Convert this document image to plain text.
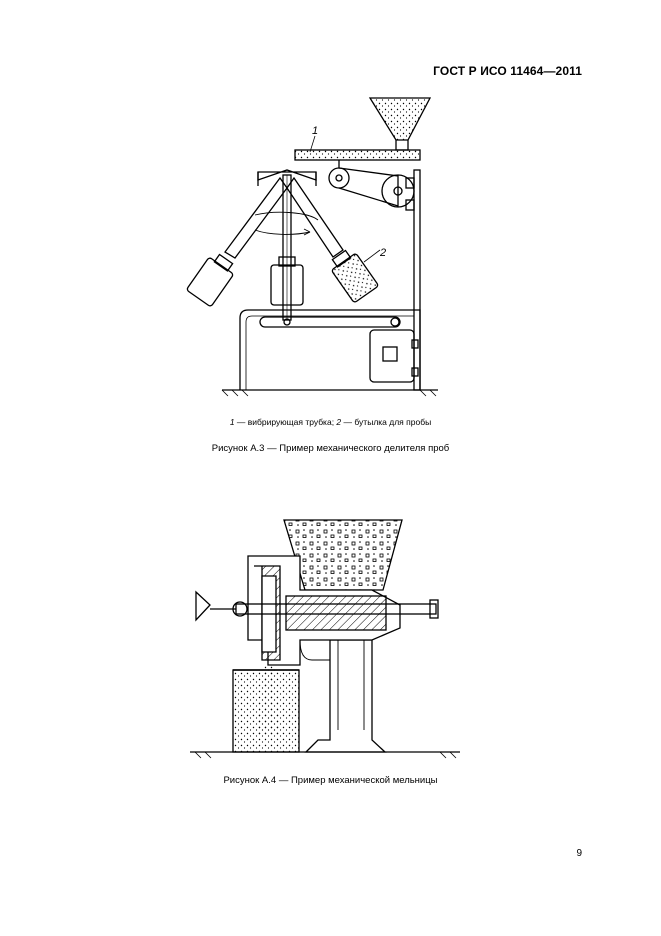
ГОСТ Р ИСО 11464—2011
1
2
1 — вибрирующая трубка; 2 — бутылка для пробы
Рисунок А.3 — Пример механического делителя проб
Рисунок А.4 — Пример механической мельницы
9
